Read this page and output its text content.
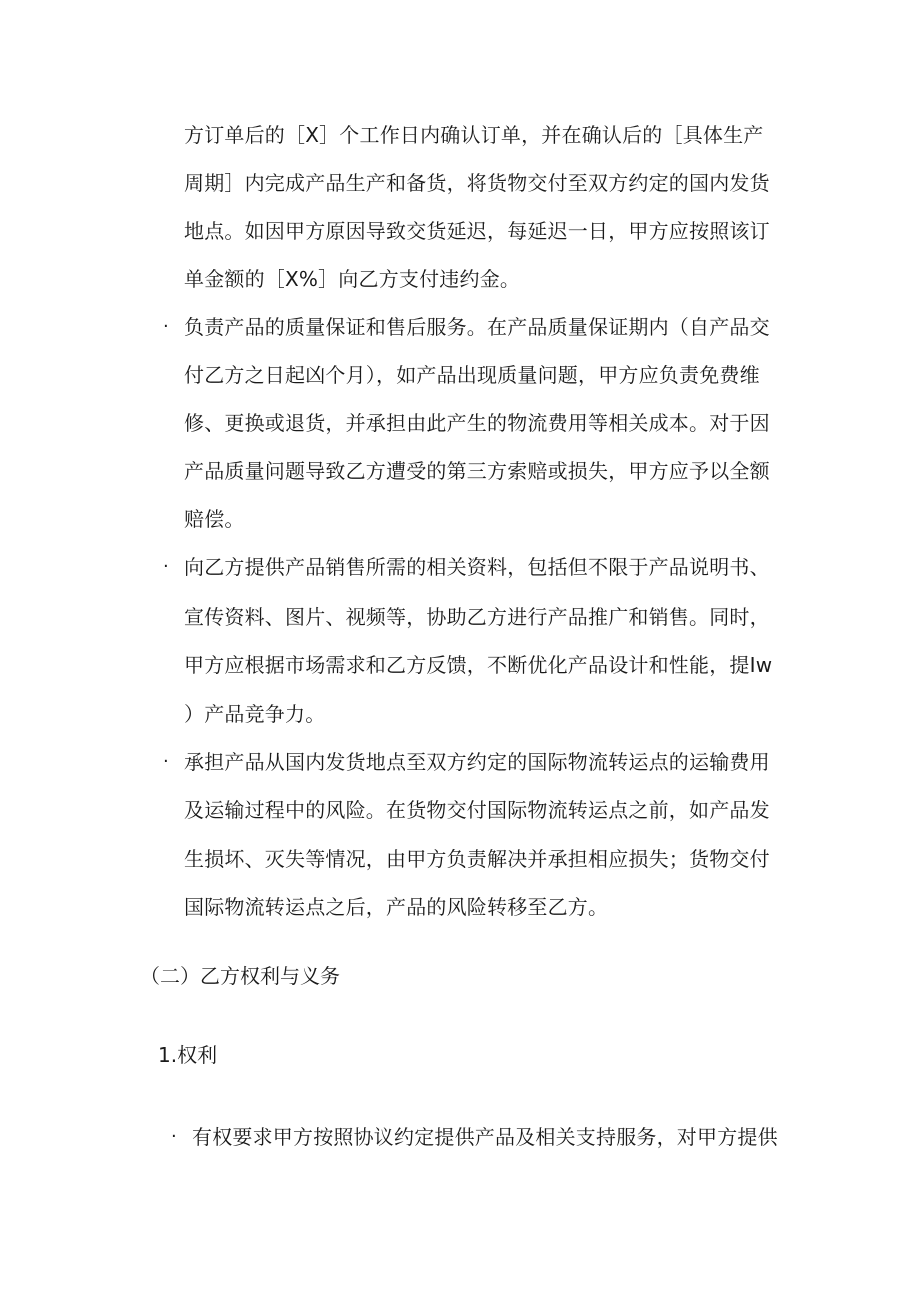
方订单后的［X］个工作日内确认订单，并在确认后的［具体生产
周期］内完成产品生产和备货，将货物交付至双方约定的国内发货
地点。如因甲方原因导致交货延迟，每延迟一日，甲方应按照该订
单金额的［X%］向乙方支付违约金。
· 负责产品的质量保证和售后服务。在产品质量保证期内（自产品交
付乙方之日起凶个月），如产品出现质量问题，甲方应负责免费维
修、更换或退货，并承担由此产生的物流费用等相关成本。对于因
产品质量问题导致乙方遭受的第三方索赔或损失，甲方应予以全额
赔偿。
· 向乙方提供产品销售所需的相关资料，包括但不限于产品说明书、
宣传资料、图片、视频等，协助乙方进行产品推广和销售。同时，
甲方应根据市场需求和乙方反馈，不断优化产品设计和性能，提Iw
）产品竞争力。
· 承担产品从国内发货地点至双方约定的国际物流转运点的运输费用
及运输过程中的风险。在货物交付国际物流转运点之前，如产品发
生损坏、灭失等情况，由甲方负责解决并承担相应损失；货物交付
国际物流转运点之后，产品的风险转移至乙方。
（二）乙方权利与义务
1.权利
· 有权要求甲方按照协议约定提供产品及相关支持服务，对甲方提供
